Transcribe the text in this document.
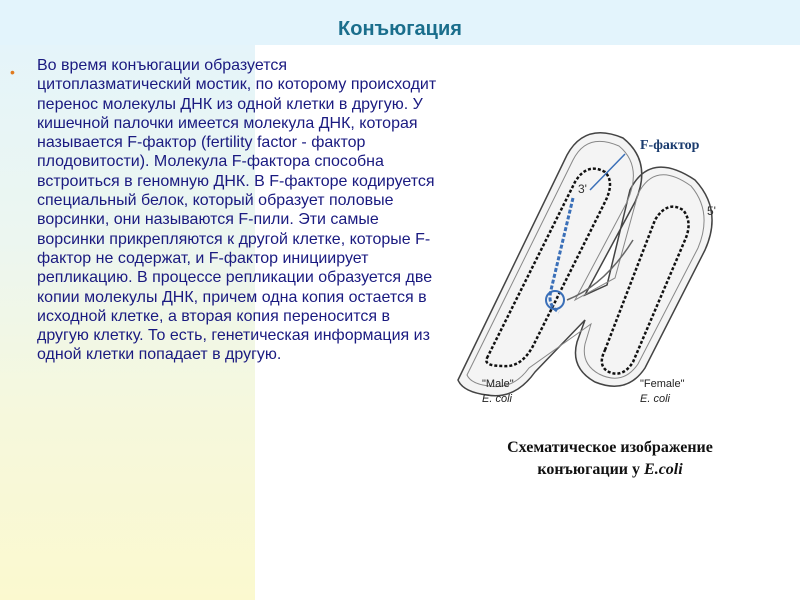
Конъюгация
• Во время конъюгации образуется цитоплазматический мостик, по которому происходит перенос молекулы ДНК из одной клетки в другую. У кишечной палочки имеется молекула ДНК, которая называется F-фактор (fertility factor - фактор плодовитости). Молекула F-фактора способна встроиться в геномную ДНК. В F-факторе кодируется специальный белок, который образует половые ворсинки, они называются F-пили. Эти самые ворсинки прикрепляются к другой клетке, которые F-фактор не содержат, и F-фактор инициирует репликацию. В процессе репликации образуется две копии молекулы ДНК, причем одна копия остается в исходной клетке, а вторая копия переносится в другую клетку. То есть, генетическая информация из одной клетки попадает в другую.

F-фактор
3'
5'
"Male"
E. coli
"Female"
E. coli
Схематическое изображение
конъюгации у E.coli
